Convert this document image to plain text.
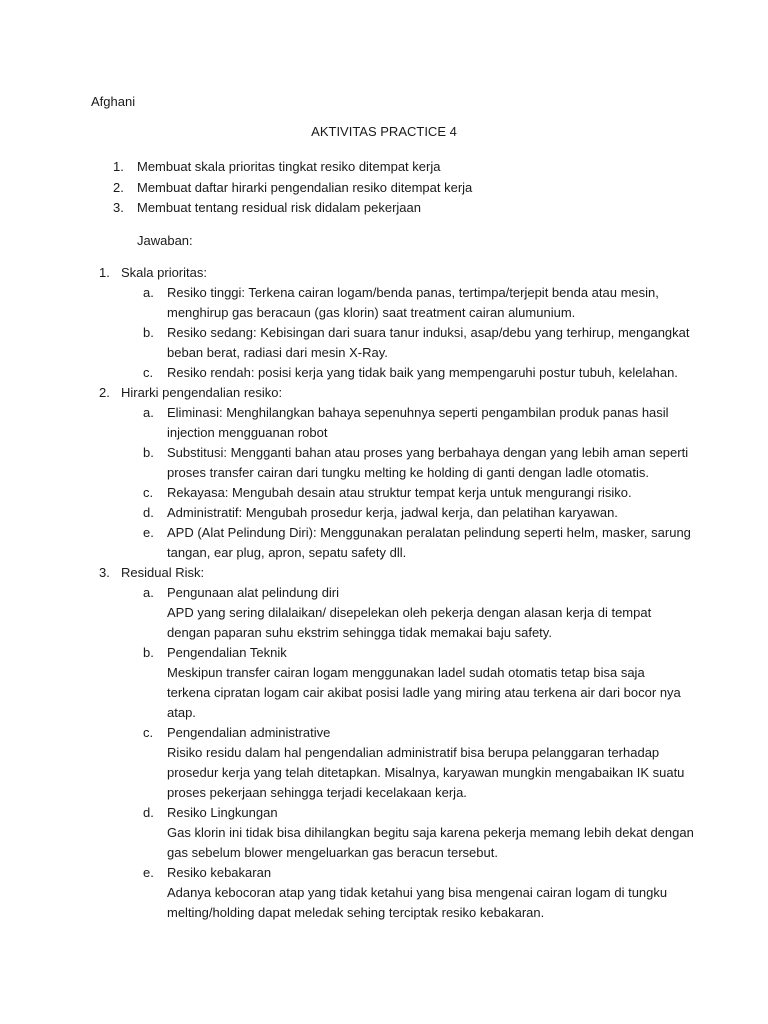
Afghani
AKTIVITAS PRACTICE 4
1. Membuat skala prioritas tingkat resiko ditempat kerja
2. Membuat daftar hirarki pengendalian resiko ditempat kerja
3. Membuat tentang residual risk didalam pekerjaan
Jawaban:
1. Skala prioritas:
a. Resiko tinggi: Terkena cairan logam/benda panas, tertimpa/terjepit benda atau mesin,
menghirup gas beracaun (gas klorin) saat treatment cairan alumunium.
b. Resiko sedang: Kebisingan dari suara tanur induksi, asap/debu yang terhirup, mengangkat
beban berat, radiasi dari mesin X-Ray.
c. Resiko rendah: posisi kerja yang tidak baik yang mempengaruhi postur tubuh, kelelahan.
2. Hirarki pengendalian resiko:
a. Eliminasi: Menghilangkan bahaya sepenuhnya seperti pengambilan produk panas hasil
injection mengguanan robot
b. Substitusi: Mengganti bahan atau proses yang berbahaya dengan yang lebih aman seperti
proses transfer cairan dari tungku melting ke holding di ganti dengan ladle otomatis.
c. Rekayasa: Mengubah desain atau struktur tempat kerja untuk mengurangi risiko.
d. Administratif: Mengubah prosedur kerja, jadwal kerja, dan pelatihan karyawan.
e. APD (Alat Pelindung Diri): Menggunakan peralatan pelindung seperti helm, masker, sarung
tangan, ear plug, apron, sepatu safety dll.
3. Residual Risk:
a. Pengunaan alat pelindung diri
APD yang sering dilalaikan/ disepelekan oleh pekerja dengan alasan kerja di tempat
dengan paparan suhu ekstrim sehingga tidak memakai baju safety.
b. Pengendalian Teknik
Meskipun transfer cairan logam menggunakan ladel sudah otomatis tetap bisa saja
terkena cipratan logam cair akibat posisi ladle yang miring atau terkena air dari bocor nya
atap.
c. Pengendalian administrative
Risiko residu dalam hal pengendalian administratif bisa berupa pelanggaran terhadap
prosedur kerja yang telah ditetapkan. Misalnya, karyawan mungkin mengabaikan IK suatu
proses pekerjaan sehingga terjadi kecelakaan kerja.
d. Resiko Lingkungan
Gas klorin ini tidak bisa dihilangkan begitu saja karena pekerja memang lebih dekat dengan
gas sebelum blower mengeluarkan gas beracun tersebut.
e. Resiko kebakaran
Adanya kebocoran atap yang tidak ketahui yang bisa mengenai cairan logam di tungku
melting/holding dapat meledak sehing terciptak resiko kebakaran.
